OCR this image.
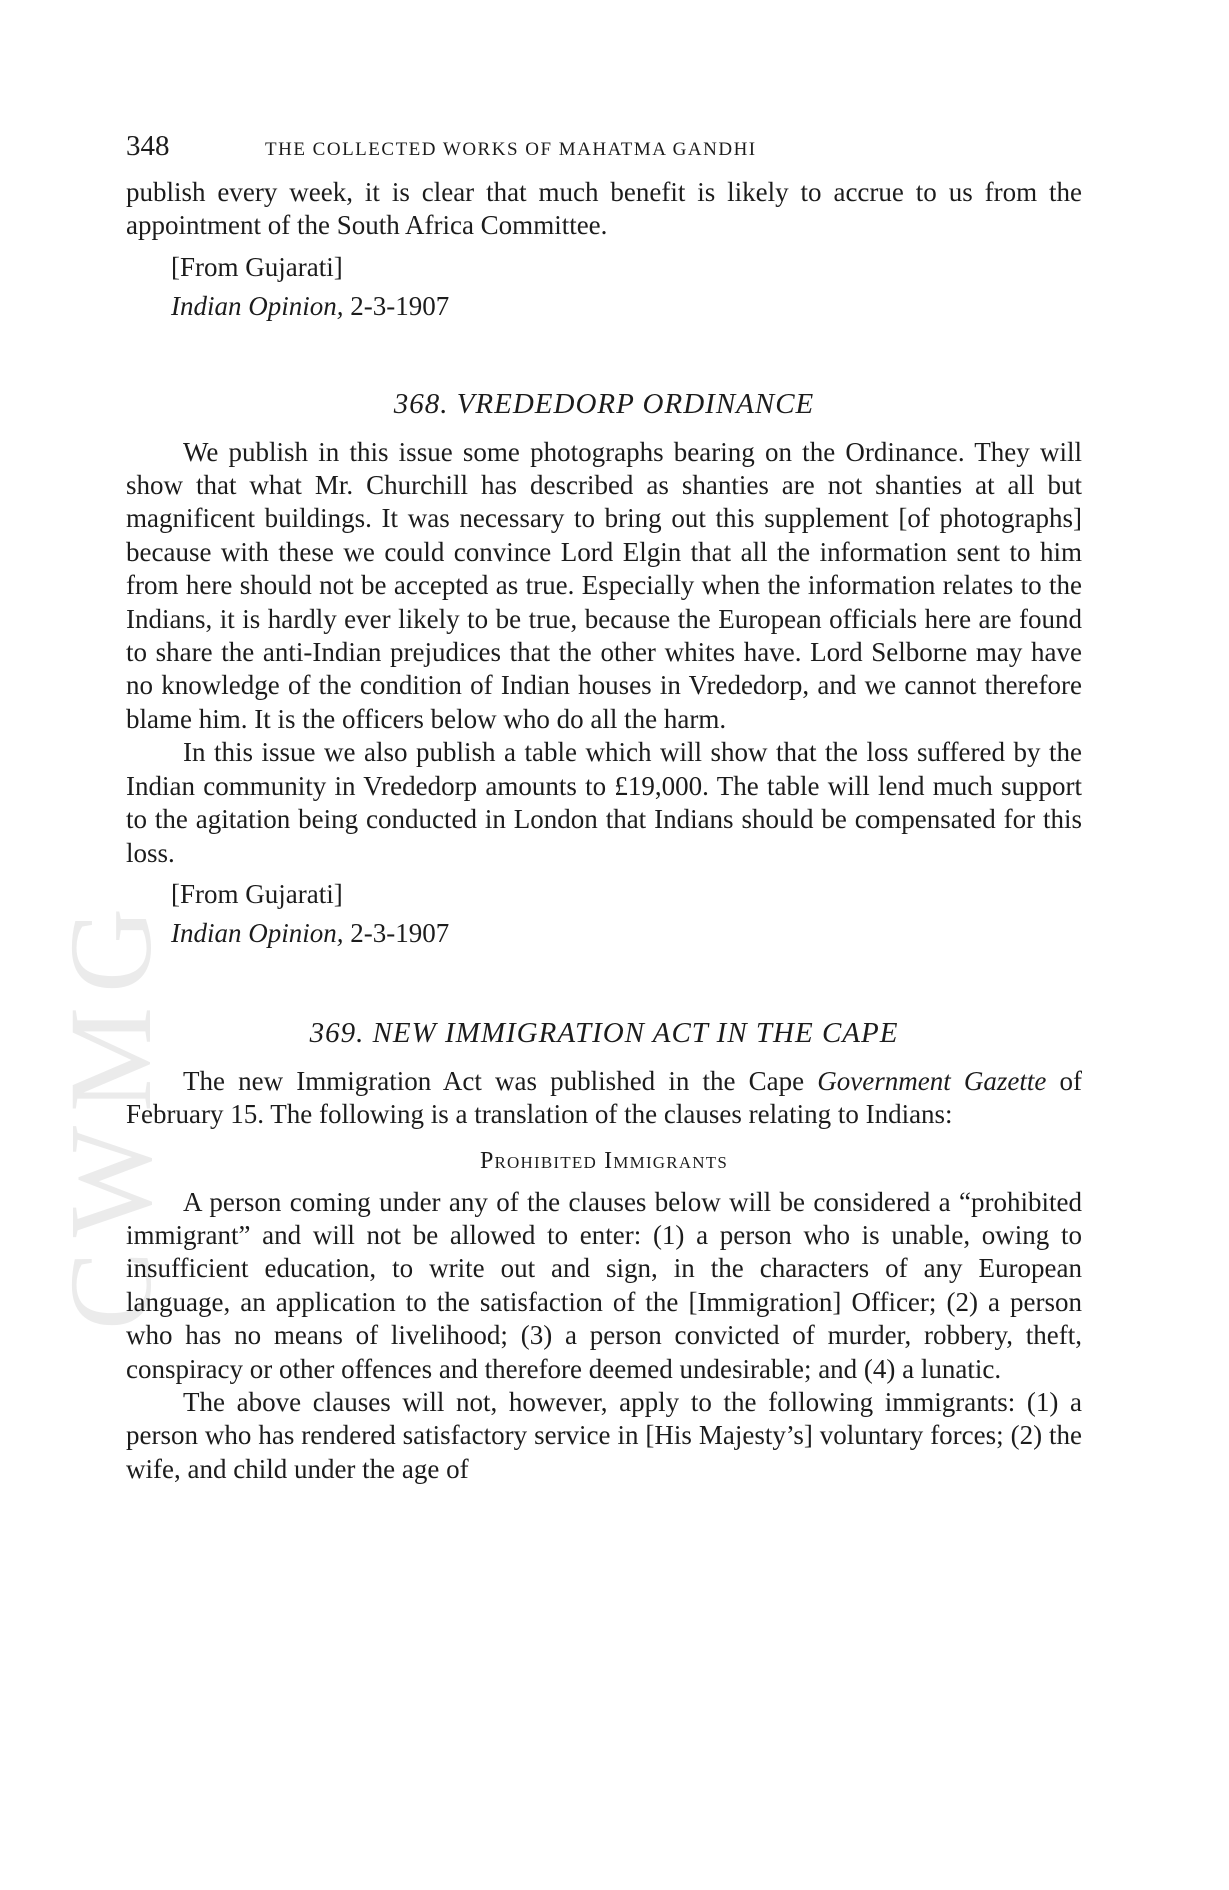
CWMG
348	THE COLLECTED WORKS OF MAHATMA GANDHI

publish every week, it is clear that much benefit is likely to accrue to us from the appointment of the South Africa Committee.

[From Gujarati]
Indian Opinion, 2-3-1907
368. VREDEDORP ORDINANCE

We publish in this issue some photographs bearing on the Ordinance. They will show that what Mr. Churchill has described as shanties are not shanties at all but magnificent buildings. It was necessary to bring out this supplement [of photographs] because with these we could convince Lord Elgin that all the information sent to him from here should not be accepted as true. Especially when the information relates to the Indians, it is hardly ever likely to be true, because the European officials here are found to share the anti-Indian prejudices that the other whites have. Lord Selborne may have no knowledge of the condition of Indian houses in Vrededorp, and we cannot therefore blame him. It is the officers below who do all the harm.

In this issue we also publish a table which will show that the loss suffered by the Indian community in Vrededorp amounts to £19,000. The table will lend much support to the agitation being conducted in London that Indians should be compensated for this loss.

[From Gujarati]
Indian Opinion, 2-3-1907
369. NEW IMMIGRATION ACT IN THE CAPE

The new Immigration Act was published in the Cape Government Gazette of February 15. The following is a translation of the clauses relating to Indians:

Prohibited Immigrants

A person coming under any of the clauses below will be considered a “prohibited immigrant” and will not be allowed to enter: (1) a person who is unable, owing to insufficient education, to write out and sign, in the characters of any European language, an application to the satisfaction of the [Immigration] Officer; (2) a person who has no means of livelihood; (3) a person convicted of murder, robbery, theft, conspiracy or other offences and therefore deemed undesirable; and (4) a lunatic.

The above clauses will not, however, apply to the following immigrants: (1) a person who has rendered satisfactory service in [His Majesty’s] voluntary forces; (2) the wife, and child under the age of
